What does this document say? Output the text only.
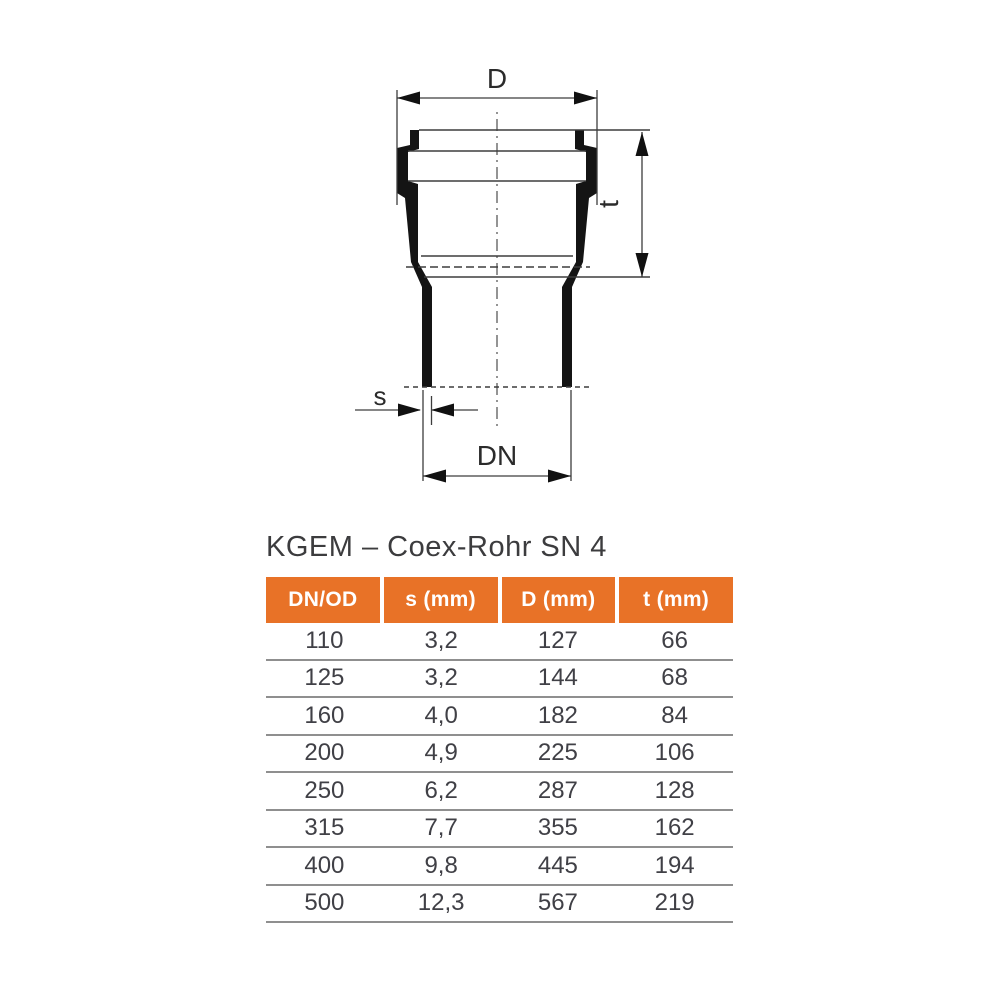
D
t
s
DN
KGEM – Coex-Rohr SN 4
DN/OD	s (mm)	D (mm)	t (mm)
110	3,2	127	66
125	3,2	144	68
160	4,0	182	84
200	4,9	225	106
250	6,2	287	128
315	7,7	355	162
400	9,8	445	194
500	12,3	567	219
